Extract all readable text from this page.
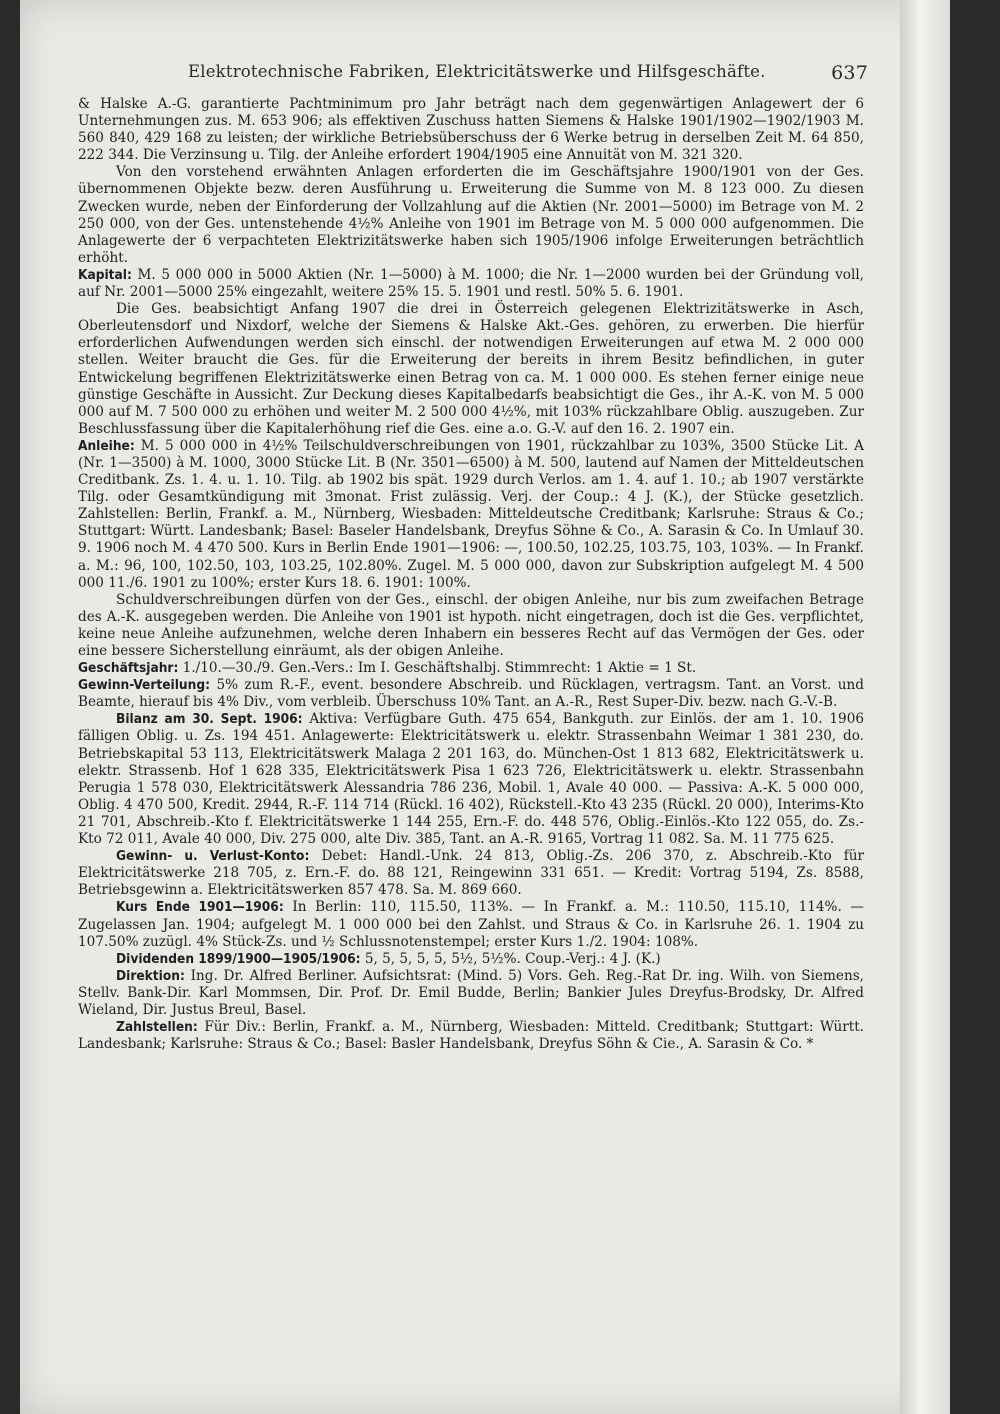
Elektrotechnische Fabriken, Elektricitätswerke und Hilfsgeschäfte.	637

& Halske A.-G. garantierte Pachtminimum pro Jahr beträgt nach dem gegenwärtigen Anlagewert der 6 Unternehmungen zus. M. 653 906; als effektiven Zuschuss hatten Siemens & Halske 1901/1902—1902/1903 M. 560 840, 429 168 zu leisten; der wirkliche Betriebsüberschuss der 6 Werke betrug in derselben Zeit M. 64 850, 222 344. Die Verzinsung u. Tilg. der Anleihe erfordert 1904/1905 eine Annuität von M. 321 320.

Von den vorstehend erwähnten Anlagen erforderten die im Geschäftsjahre 1900/1901 von der Ges. übernommenen Objekte bezw. deren Ausführung u. Erweiterung die Summe von M. 8 123 000. Zu diesen Zwecken wurde, neben der Einforderung der Vollzahlung auf die Aktien (Nr. 2001—5000) im Betrage von M. 2 250 000, von der Ges. untenstehende 4½% Anleihe von 1901 im Betrage von M. 5 000 000 aufgenommen. Die Anlagewerte der 6 verpachteten Elektrizitätswerke haben sich 1905/1906 infolge Erweiterungen beträchtlich erhöht.

Kapital: M. 5 000 000 in 5000 Aktien (Nr. 1—5000) à M. 1000; die Nr. 1—2000 wurden bei der Gründung voll, auf Nr. 2001—5000 25% eingezahlt, weitere 25% 15. 5. 1901 und restl. 50% 5. 6. 1901.

Die Ges. beabsichtigt Anfang 1907 die drei in Österreich gelegenen Elektrizitätswerke in Asch, Oberleutensdorf und Nixdorf, welche der Siemens & Halske Akt.-Ges. gehören, zu erwerben. Die hierfür erforderlichen Aufwendungen werden sich einschl. der notwendigen Erweiterungen auf etwa M. 2 000 000 stellen. Weiter braucht die Ges. für die Erweiterung der bereits in ihrem Besitz befindlichen, in guter Entwickelung begriffenen Elektrizitätswerke einen Betrag von ca. M. 1 000 000. Es stehen ferner einige neue günstige Geschäfte in Aussicht. Zur Deckung dieses Kapitalbedarfs beabsichtigt die Ges., ihr A.-K. von M. 5 000 000 auf M. 7 500 000 zu erhöhen und weiter M. 2 500 000 4½%, mit 103% rückzahlbare Oblig. auszugeben. Zur Beschlussfassung über die Kapitalerhöhung rief die Ges. eine a.o. G.-V. auf den 16. 2. 1907 ein.

Anleihe: M. 5 000 000 in 4½% Teilschuldverschreibungen von 1901, rückzahlbar zu 103%, 3500 Stücke Lit. A (Nr. 1—3500) à M. 1000, 3000 Stücke Lit. B (Nr. 3501—6500) à M. 500, lautend auf Namen der Mitteldeutschen Creditbank. Zs. 1. 4. u. 1. 10. Tilg. ab 1902 bis spät. 1929 durch Verlos. am 1. 4. auf 1. 10.; ab 1907 verstärkte Tilg. oder Gesamtkündigung mit 3monat. Frist zulässig. Verj. der Coup.: 4 J. (K.), der Stücke gesetzlich. Zahlstellen: Berlin, Frankf. a. M., Nürnberg, Wiesbaden: Mitteldeutsche Creditbank; Karlsruhe: Straus & Co.; Stuttgart: Württ. Landesbank; Basel: Baseler Handelsbank, Dreyfus Söhne & Co., A. Sarasin & Co. In Umlauf 30. 9. 1906 noch M. 4 470 500. Kurs in Berlin Ende 1901—1906: —, 100.50, 102.25, 103.75, 103, 103%. — In Frankf. a. M.: 96, 100, 102.50, 103, 103.25, 102.80%. Zugel. M. 5 000 000, davon zur Subskription aufgelegt M. 4 500 000 11./6. 1901 zu 100%; erster Kurs 18. 6. 1901: 100%.

Schuldverschreibungen dürfen von der Ges., einschl. der obigen Anleihe, nur bis zum zweifachen Betrage des A.-K. ausgegeben werden. Die Anleihe von 1901 ist hypoth. nicht eingetragen, doch ist die Ges. verpflichtet, keine neue Anleihe aufzunehmen, welche deren Inhabern ein besseres Recht auf das Vermögen der Ges. oder eine bessere Sicherstellung einräumt, als der obigen Anleihe.

Geschäftsjahr: 1./10.—30./9. Gen.-Vers.: Im I. Geschäftshalbj. Stimmrecht: 1 Aktie = 1 St.

Gewinn-Verteilung: 5% zum R.-F., event. besondere Abschreib. und Rücklagen, vertragsm. Tant. an Vorst. und Beamte, hierauf bis 4% Div., vom verbleib. Überschuss 10% Tant. an A.-R., Rest Super-Div. bezw. nach G.-V.-B.

Bilanz am 30. Sept. 1906: Aktiva: Verfügbare Guth. 475 654, Bankguth. zur Einlös. der am 1. 10. 1906 fälligen Oblig. u. Zs. 194 451. Anlagewerte: Elektricitätswerk u. elektr. Strassenbahn Weimar 1 381 230, do. Betriebskapital 53 113, Elektricitätswerk Malaga 2 201 163, do. München-Ost 1 813 682, Elektricitätswerk u. elektr. Strassenb. Hof 1 628 335, Elektricitätswerk Pisa 1 623 726, Elektricitätswerk u. elektr. Strassenbahn Perugia 1 578 030, Elektricitätswerk Alessandria 786 236, Mobil. 1, Avale 40 000. — Passiva: A.-K. 5 000 000, Oblig. 4 470 500, Kredit. 2944, R.-F. 114 714 (Rückl. 16 402), Rückstell.-Kto 43 235 (Rückl. 20 000), Interims-Kto 21 701, Abschreib.-Kto f. Elektricitätswerke 1 144 255, Ern.-F. do. 448 576, Oblig.-Einlös.-Kto 122 055, do. Zs.-Kto 72 011, Avale 40 000, Div. 275 000, alte Div. 385, Tant. an A.-R. 9165, Vortrag 11 082. Sa. M. 11 775 625.

Gewinn- u. Verlust-Konto: Debet: Handl.-Unk. 24 813, Oblig.-Zs. 206 370, z. Abschreib.-Kto für Elektricitätswerke 218 705, z. Ern.-F. do. 88 121, Reingewinn 331 651. — Kredit: Vortrag 5194, Zs. 8588, Betriebsgewinn a. Elektricitätswerken 857 478. Sa. M. 869 660.

Kurs Ende 1901—1906: In Berlin: 110, 115.50, 113%. — In Frankf. a. M.: 110.50, 115.10, 114%. — Zugelassen Jan. 1904; aufgelegt M. 1 000 000 bei den Zahlst. und Straus & Co. in Karlsruhe 26. 1. 1904 zu 107.50% zuzügl. 4% Stück-Zs. und ½ Schlussnotenstempel; erster Kurs 1./2. 1904: 108%.

Dividenden 1899/1900—1905/1906: 5, 5, 5, 5, 5, 5½, 5½%. Coup.-Verj.: 4 J. (K.)

Direktion: Ing. Dr. Alfred Berliner. Aufsichtsrat: (Mind. 5) Vors. Geh. Reg.-Rat Dr. ing. Wilh. von Siemens, Stellv. Bank-Dir. Karl Mommsen, Dir. Prof. Dr. Emil Budde, Berlin; Bankier Jules Dreyfus-Brodsky, Dr. Alfred Wieland, Dir. Justus Breul, Basel.

Zahlstellen: Für Div.: Berlin, Frankf. a. M., Nürnberg, Wiesbaden: Mitteld. Creditbank; Stuttgart: Württ. Landesbank; Karlsruhe: Straus & Co.; Basel: Basler Handelsbank, Dreyfus Söhn & Cie., A. Sarasin & Co. *
